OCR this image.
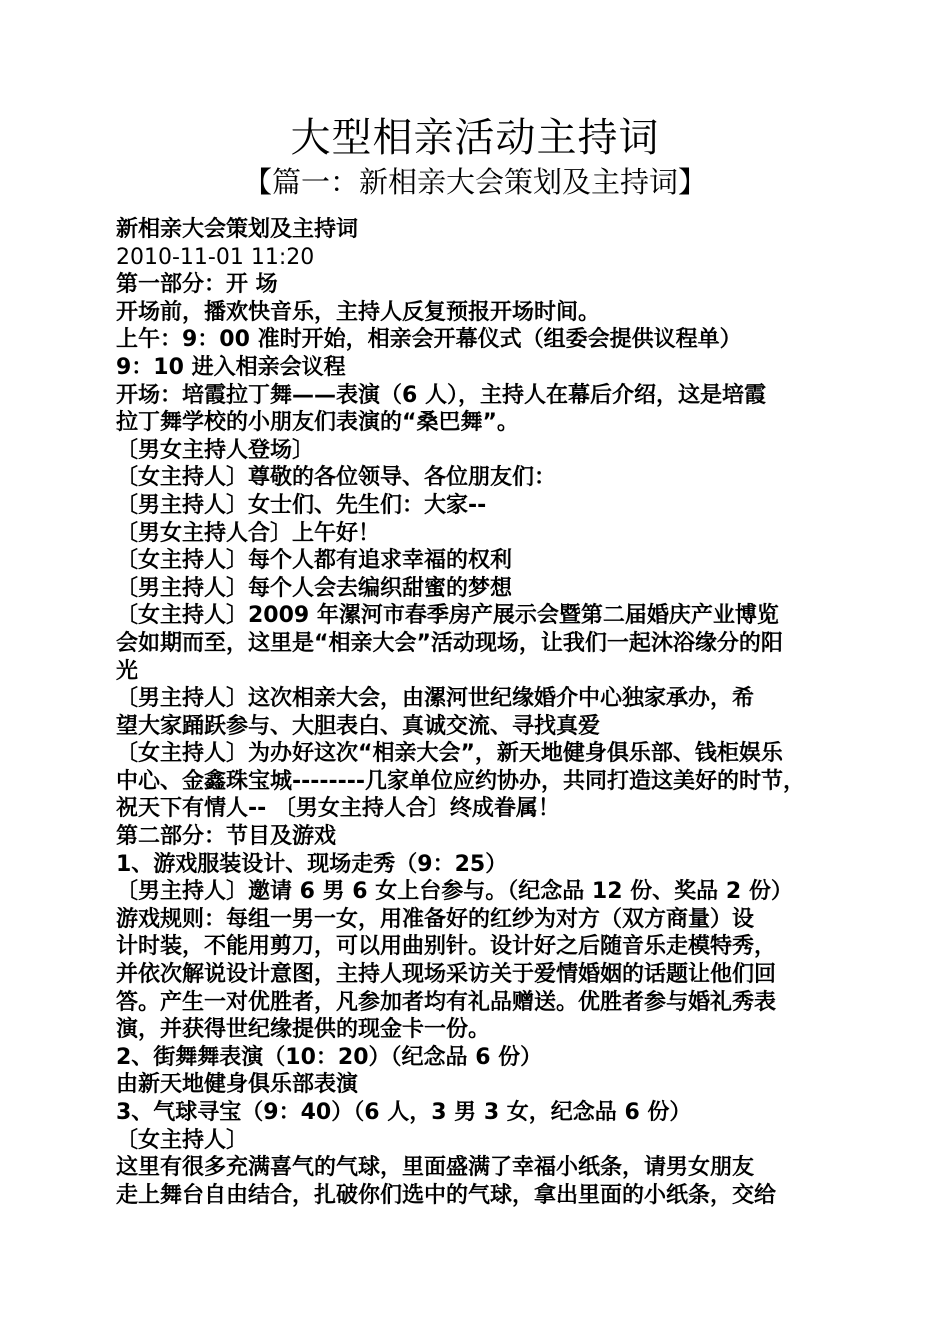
大型相亲活动主持词
【篇一：新相亲大会策划及主持词】
新相亲大会策划及主持词
2010-11-01 11:20
第一部分：开 场
开场前，播欢快音乐，主持人反复预报开场时间。
上午：9：00 准时开始，相亲会开幕仪式（组委会提供议程单）
9：10 进入相亲会议程
开场：培霞拉丁舞——表演（6 人），主持人在幕后介绍，这是培霞
拉丁舞学校的小朋友们表演的“桑巴舞”。
〔男女主持人登场〕
〔女主持人〕尊敬的各位领导、各位朋友们：
〔男主持人〕女士们、先生们：大家--
〔男女主持人合〕上午好！
〔女主持人〕每个人都有追求幸福的权利
〔男主持人〕每个人会去编织甜蜜的梦想
〔女主持人〕2009 年漯河市春季房产展示会暨第二届婚庆产业博览
会如期而至，这里是“相亲大会”活动现场，让我们一起沐浴缘分的阳
光
〔男主持人〕这次相亲大会，由漯河世纪缘婚介中心独家承办，希
望大家踊跃参与、大胆表白、真诚交流、寻找真爱
〔女主持人〕为办好这次“相亲大会”，新天地健身俱乐部、钱柜娱乐
中心、金鑫珠宝城--------几家单位应约协办，共同打造这美好的时节，
祝天下有情人-- 〔男女主持人合〕终成眷属！
第二部分：节目及游戏
1、游戏服装设计、现场走秀（9：25）
〔男主持人〕邀请 6 男 6 女上台参与。（纪念品 12 份、奖品 2 份）
游戏规则：每组一男一女，用准备好的红纱为对方（双方商量）设
计时装，不能用剪刀，可以用曲别针。设计好之后随音乐走模特秀，
并依次解说设计意图，主持人现场采访关于爱情婚姻的话题让他们回
答。产生一对优胜者，凡参加者均有礼品赠送。优胜者参与婚礼秀表
演，并获得世纪缘提供的现金卡一份。
2、街舞舞表演（10：20）（纪念品 6 份）
由新天地健身俱乐部表演
3、气球寻宝（9：40）（6 人，3 男 3 女，纪念品 6 份）
〔女主持人〕
这里有很多充满喜气的气球，里面盛满了幸福小纸条，请男女朋友
走上舞台自由结合，扎破你们选中的气球，拿出里面的小纸条，交给
